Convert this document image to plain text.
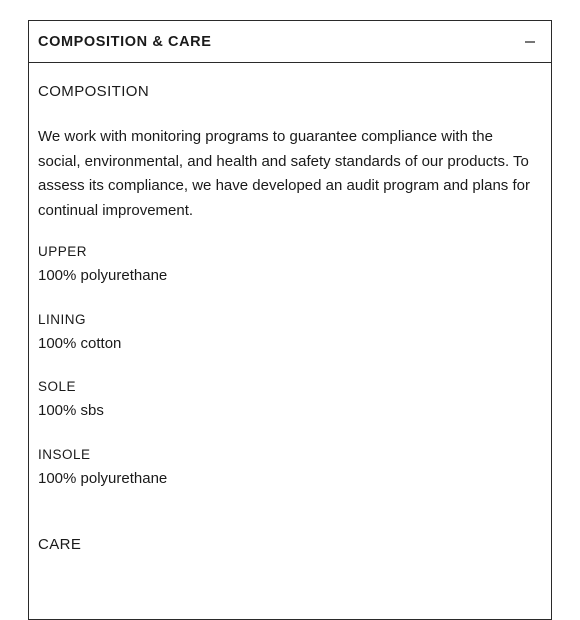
COMPOSITION & CARE
COMPOSITION

We work with monitoring programs to guarantee compliance with the social, environmental, and health and safety standards of our products. To assess its compliance, we have developed an audit program and plans for continual improvement.

UPPER
100% polyurethane
LINING
100% cotton
SOLE
100% sbs
INSOLE
100% polyurethane
CARE
